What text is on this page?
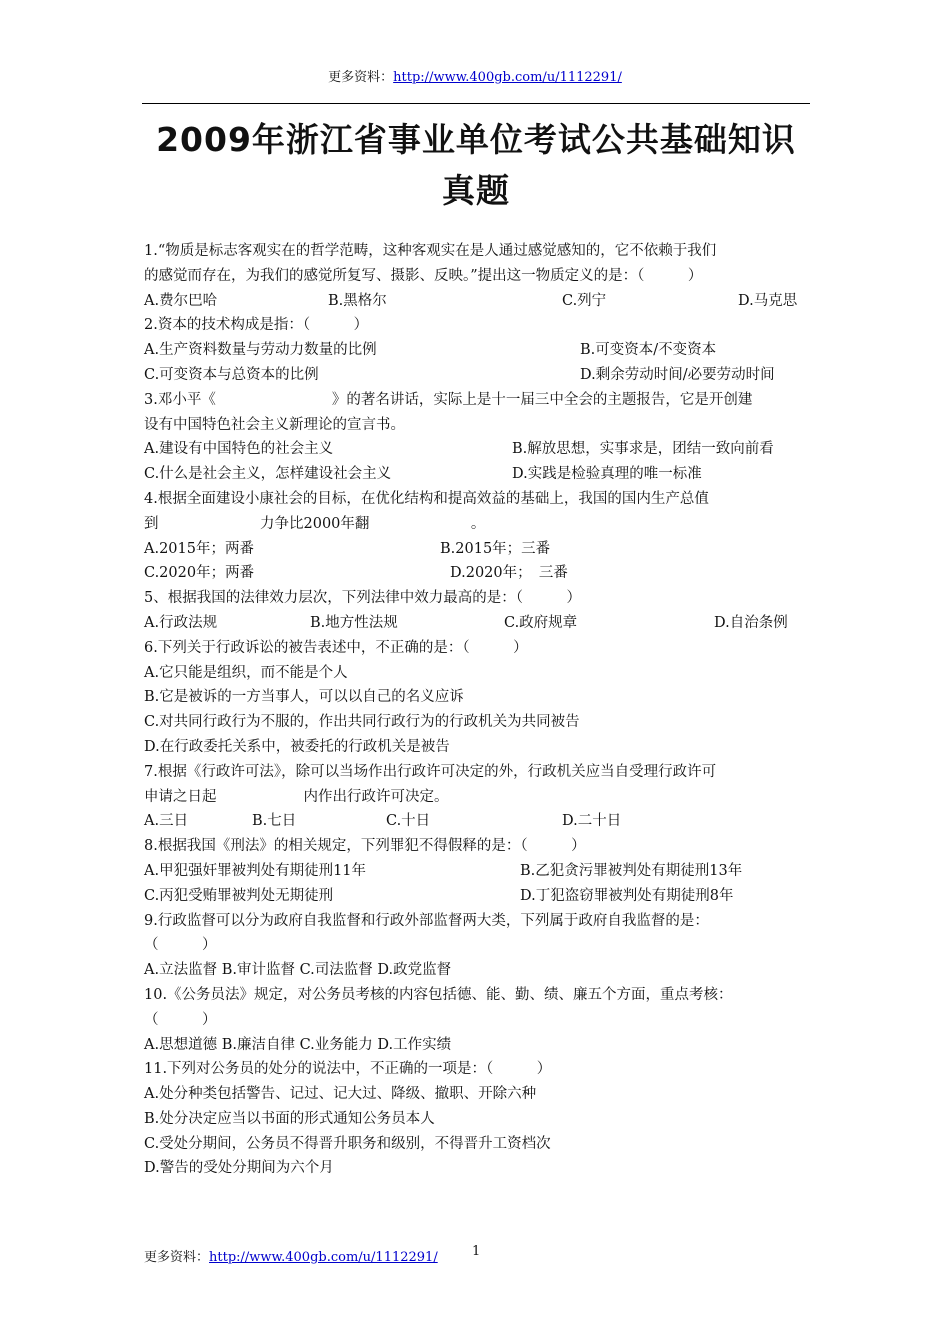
更多资料：http://www.400gb.com/u/1112291/
2009年浙江省事业单位考试公共基础知识
真题
1.“物质是标志客观实在的哲学范畴，这种客观实在是人通过感觉感知的，它不依赖于我们
的感觉而存在，为我们的感觉所复写、摄影、反映。”提出这一物质定义的是：（　　　）
A.费尔巴哈	B.黑格尔	C.列宁	D.马克思
2.资本的技术构成是指：（　　　）
A.生产资料数量与劳动力数量的比例	B.可变资本/不变资本
C.可变资本与总资本的比例	D.剩余劳动时间/必要劳动时间
3.邓小平《　　　　　　　　》的著名讲话，实际上是十一届三中全会的主题报告，它是开创建
设有中国特色社会主义新理论的宣言书。
A.建设有中国特色的社会主义	B.解放思想，实事求是，团结一致向前看
C.什么是社会主义，怎样建设社会主义	D.实践是检验真理的唯一标准
4.根据全面建设小康社会的目标，在优化结构和提高效益的基础上，我国的国内生产总值
到　　　　　　　力争比2000年翻　　　　　　　。
A.2015年；两番	B.2015年；三番
C.2020年；两番	D.2020年；　三番
5、根据我国的法律效力层次，下列法律中效力最高的是：（　　　）
A.行政法规	B.地方性法规	C.政府规章	D.自治条例
6.下列关于行政诉讼的被告表述中，不正确的是：（　　　）
A.它只能是组织，而不能是个人
B.它是被诉的一方当事人，可以以自己的名义应诉
C.对共同行政行为不服的，作出共同行政行为的行政机关为共同被告
D.在行政委托关系中，被委托的行政机关是被告
7.根据《行政许可法》，除可以当场作出行政许可决定的外，行政机关应当自受理行政许可
申请之日起　　　　　　内作出行政许可决定。
A.三日	B.七日	C.十日	D.二十日
8.根据我国《刑法》的相关规定，下列罪犯不得假释的是：（　　　）
A.甲犯强奸罪被判处有期徒刑11年	B.乙犯贪污罪被判处有期徒刑13年
C.丙犯受贿罪被判处无期徒刑	D.丁犯盗窃罪被判处有期徒刑8年
9.行政监督可以分为政府自我监督和行政外部监督两大类，下列属于政府自我监督的是：
（　　　）
A.立法监督 B.审计监督 C.司法监督 D.政党监督
10.《公务员法》规定，对公务员考核的内容包括德、能、勤、绩、廉五个方面，重点考核：
（　　　）
A.思想道德 B.廉洁自律 C.业务能力 D.工作实绩
11.下列对公务员的处分的说法中，不正确的一项是：（　　　）
A.处分种类包括警告、记过、记大过、降级、撤职、开除六种
B.处分决定应当以书面的形式通知公务员本人
C.受处分期间，公务员不得晋升职务和级别，不得晋升工资档次
D.警告的受处分期间为六个月
更多资料：http://www.400gb.com/u/1112291/	1
